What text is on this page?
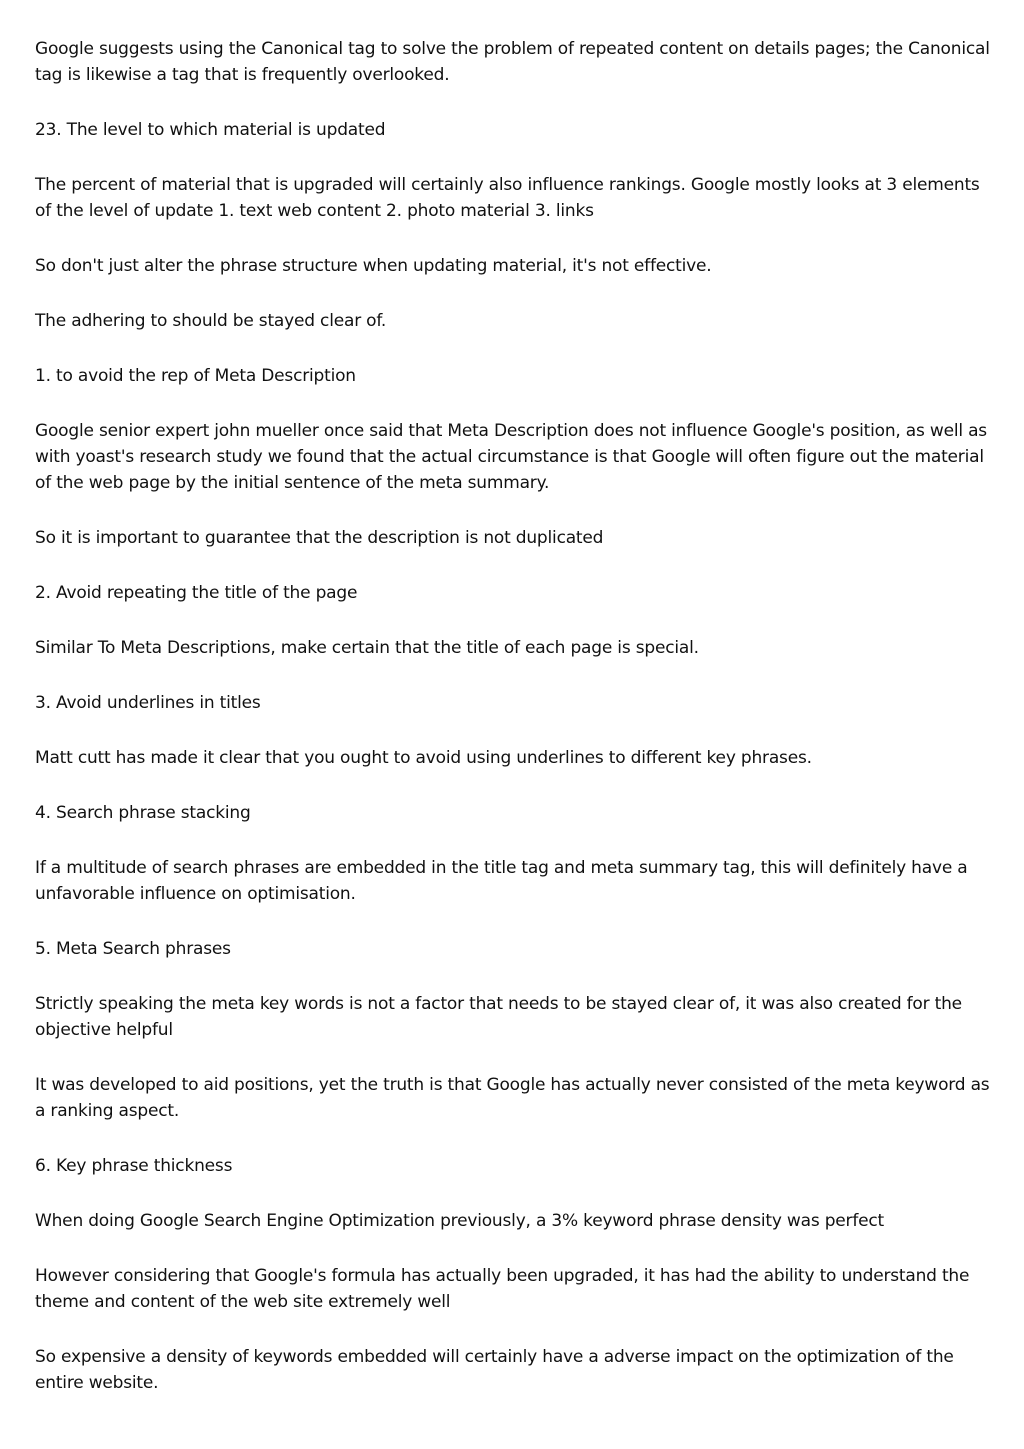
Google suggests using the Canonical tag to solve the problem of repeated content on details pages; the Canonical tag is likewise a tag that is frequently overlooked.

23. The level to which material is updated

The percent of material that is upgraded will certainly also influence rankings. Google mostly looks at 3 elements of the level of update 1. text web content 2. photo material 3. links

So don't just alter the phrase structure when updating material, it's not effective.

The adhering to should be stayed clear of.

1. to avoid the rep of Meta Description

Google senior expert john mueller once said that Meta Description does not influence Google's position, as well as with yoast's research study we found that the actual circumstance is that Google will often figure out the material of the web page by the initial sentence of the meta summary.

So it is important to guarantee that the description is not duplicated

2. Avoid repeating the title of the page

Similar To Meta Descriptions, make certain that the title of each page is special.

3. Avoid underlines in titles

Matt cutt has made it clear that you ought to avoid using underlines to different key phrases.

4. Search phrase stacking

If a multitude of search phrases are embedded in the title tag and meta summary tag, this will definitely have a unfavorable influence on optimisation.

5. Meta Search phrases

Strictly speaking the meta key words is not a factor that needs to be stayed clear of, it was also created for the objective helpful

It was developed to aid positions, yet the truth is that Google has actually never consisted of the meta keyword as a ranking aspect.

6. Key phrase thickness

When doing Google Search Engine Optimization previously, a 3% keyword phrase density was perfect

However considering that Google's formula has actually been upgraded, it has had the ability to understand the theme and content of the web site extremely well

So expensive a density of keywords embedded will certainly have a adverse impact on the optimization of the entire website.
